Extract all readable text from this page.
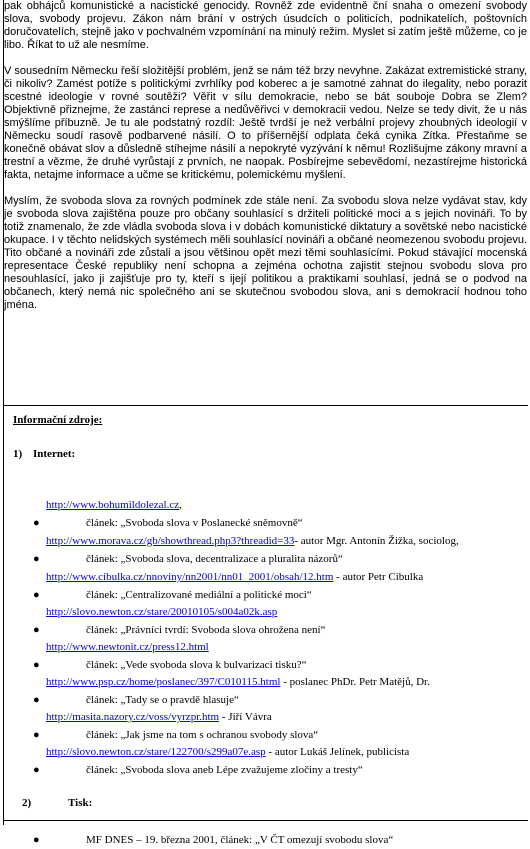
pak obhájců komunistické a nacistické genocidy. Rovněž zde evidentně ční snaha o omezení svobody slova, svobody projevu. Zákon nám brání v ostrých úsudcích o politicích, podnikatelích, poštovních doručovatelích, stejně jako v pochvalném vzpomínání na minulý režim. Myslet si zatím ještě můžeme, co je libo. Říkat to už ale nesmíme.

V sousedním Německu řeší složitější problém, jenž se nám též brzy nevyhne. Zakázat extremistické strany, či nikoliv? Zamést potíže s politickými zvrhlíky pod koberec a je samotné zahnat do ilegality, nebo porazit scestné ideologie v rovné soutěži? Věřit v sílu demokracie, nebo se bát souboje Dobra se Zlem? Objektivně přiznejme, že zastánci represe a nedůvěřivci v demokracii vedou. Nelze se tedy divit, že u nás smýšlíme příbuzně. Je tu ale podstatný rozdíl: Ještě tvrdší je než verbální projevy zhoubných ideologií v Německu soudí rasově podbarvené násilí. O to příšernější odplata čeká cynika Zítka. Přestaňme se konečně obávat slov a důsledně stíhejme násilí a nepokryté vyzývání k němu! Rozlišujme zákony mravní a trestní a vězme, že druhé vyrůstají z prvních, ne naopak. Posbírejme sebevědomí, nezastírejme historická fakta, netajme informace a učme se kritickému, polemickému myšlení.

Myslím, že svoboda slova za rovných podmínek zde stále není. Za svobodu slova nelze vydávat stav, kdy je svoboda slova zajištěna pouze pro občany souhlasící s držiteli politické moci a s jejich novináři. To by totiž znamenalo, že zde vládla svoboda slova i v dobách komunistické diktatury a sovětské nebo nacistické okupace. I v těchto nelidských systémech měli souhlasící novináři a občané neomezenou svobodu projevu. Tito občané a novináři zde zůstali a jsou většinou opět mezi těmi souhlasícími. Pokud stávající mocenská representace České republiky není schopna a zejména ochotna zajistit stejnou svobodu slova pro nesouhlasící, jako ji zajišťuje pro ty, kteří s ijejí politikou a praktikami souhlasí, jedná se o podvod na občanech, který nemá nic společného ani se skutečnou svobodou slova, ani s demokracií hodnou toho jména.

Informační zdroje:
1) Internet:
http://www.bohumildolezal.cz,
●	článek: „Svoboda slova v Poslanecké sněmovně“
http://www.morava.cz/gb/showthread.php3?threadid=33- autor Mgr. Antonín Žižka, sociolog,
●	článek: „Svoboda slova, decentralizace a pluralita názorů“
http://www.cibulka.cz/nnoviny/nn2001/nn01_2001/obsah/12.htm - autor Petr Cibulka
●	článek: „Centralizované mediální a politické moci“
http://slovo.newton.cz/stare/20010105/s004a02k.asp
●	článek: „Právníci tvrdí: Svoboda slova ohrožena není“
http://www.newtonit.cz/press12.html
●	článek: „Vede svoboda slova k bulvarizaci tisku?“
http://www.psp.cz/home/poslanec/397/C010115.html - poslanec PhDr. Petr Matějů, Dr.
●	článek: „Tady se o pravdě hlasuje“
http://masita.nazory.cz/voss/vyrzpr.htm - Jiří Vávra
●	článek: „Jak jsme na tom s ochranou svobody slova“
http://slovo.newton.cz/stare/122700/s299a07e.asp - autor Lukáš Jelínek, publicista
●	článek: „Svoboda slova aneb Lépe zvažujeme zločiny a tresty“
2)	Tisk:
●	MF DNES – 19. března 2001, článek: „V ČT omezují svobodu slova“
